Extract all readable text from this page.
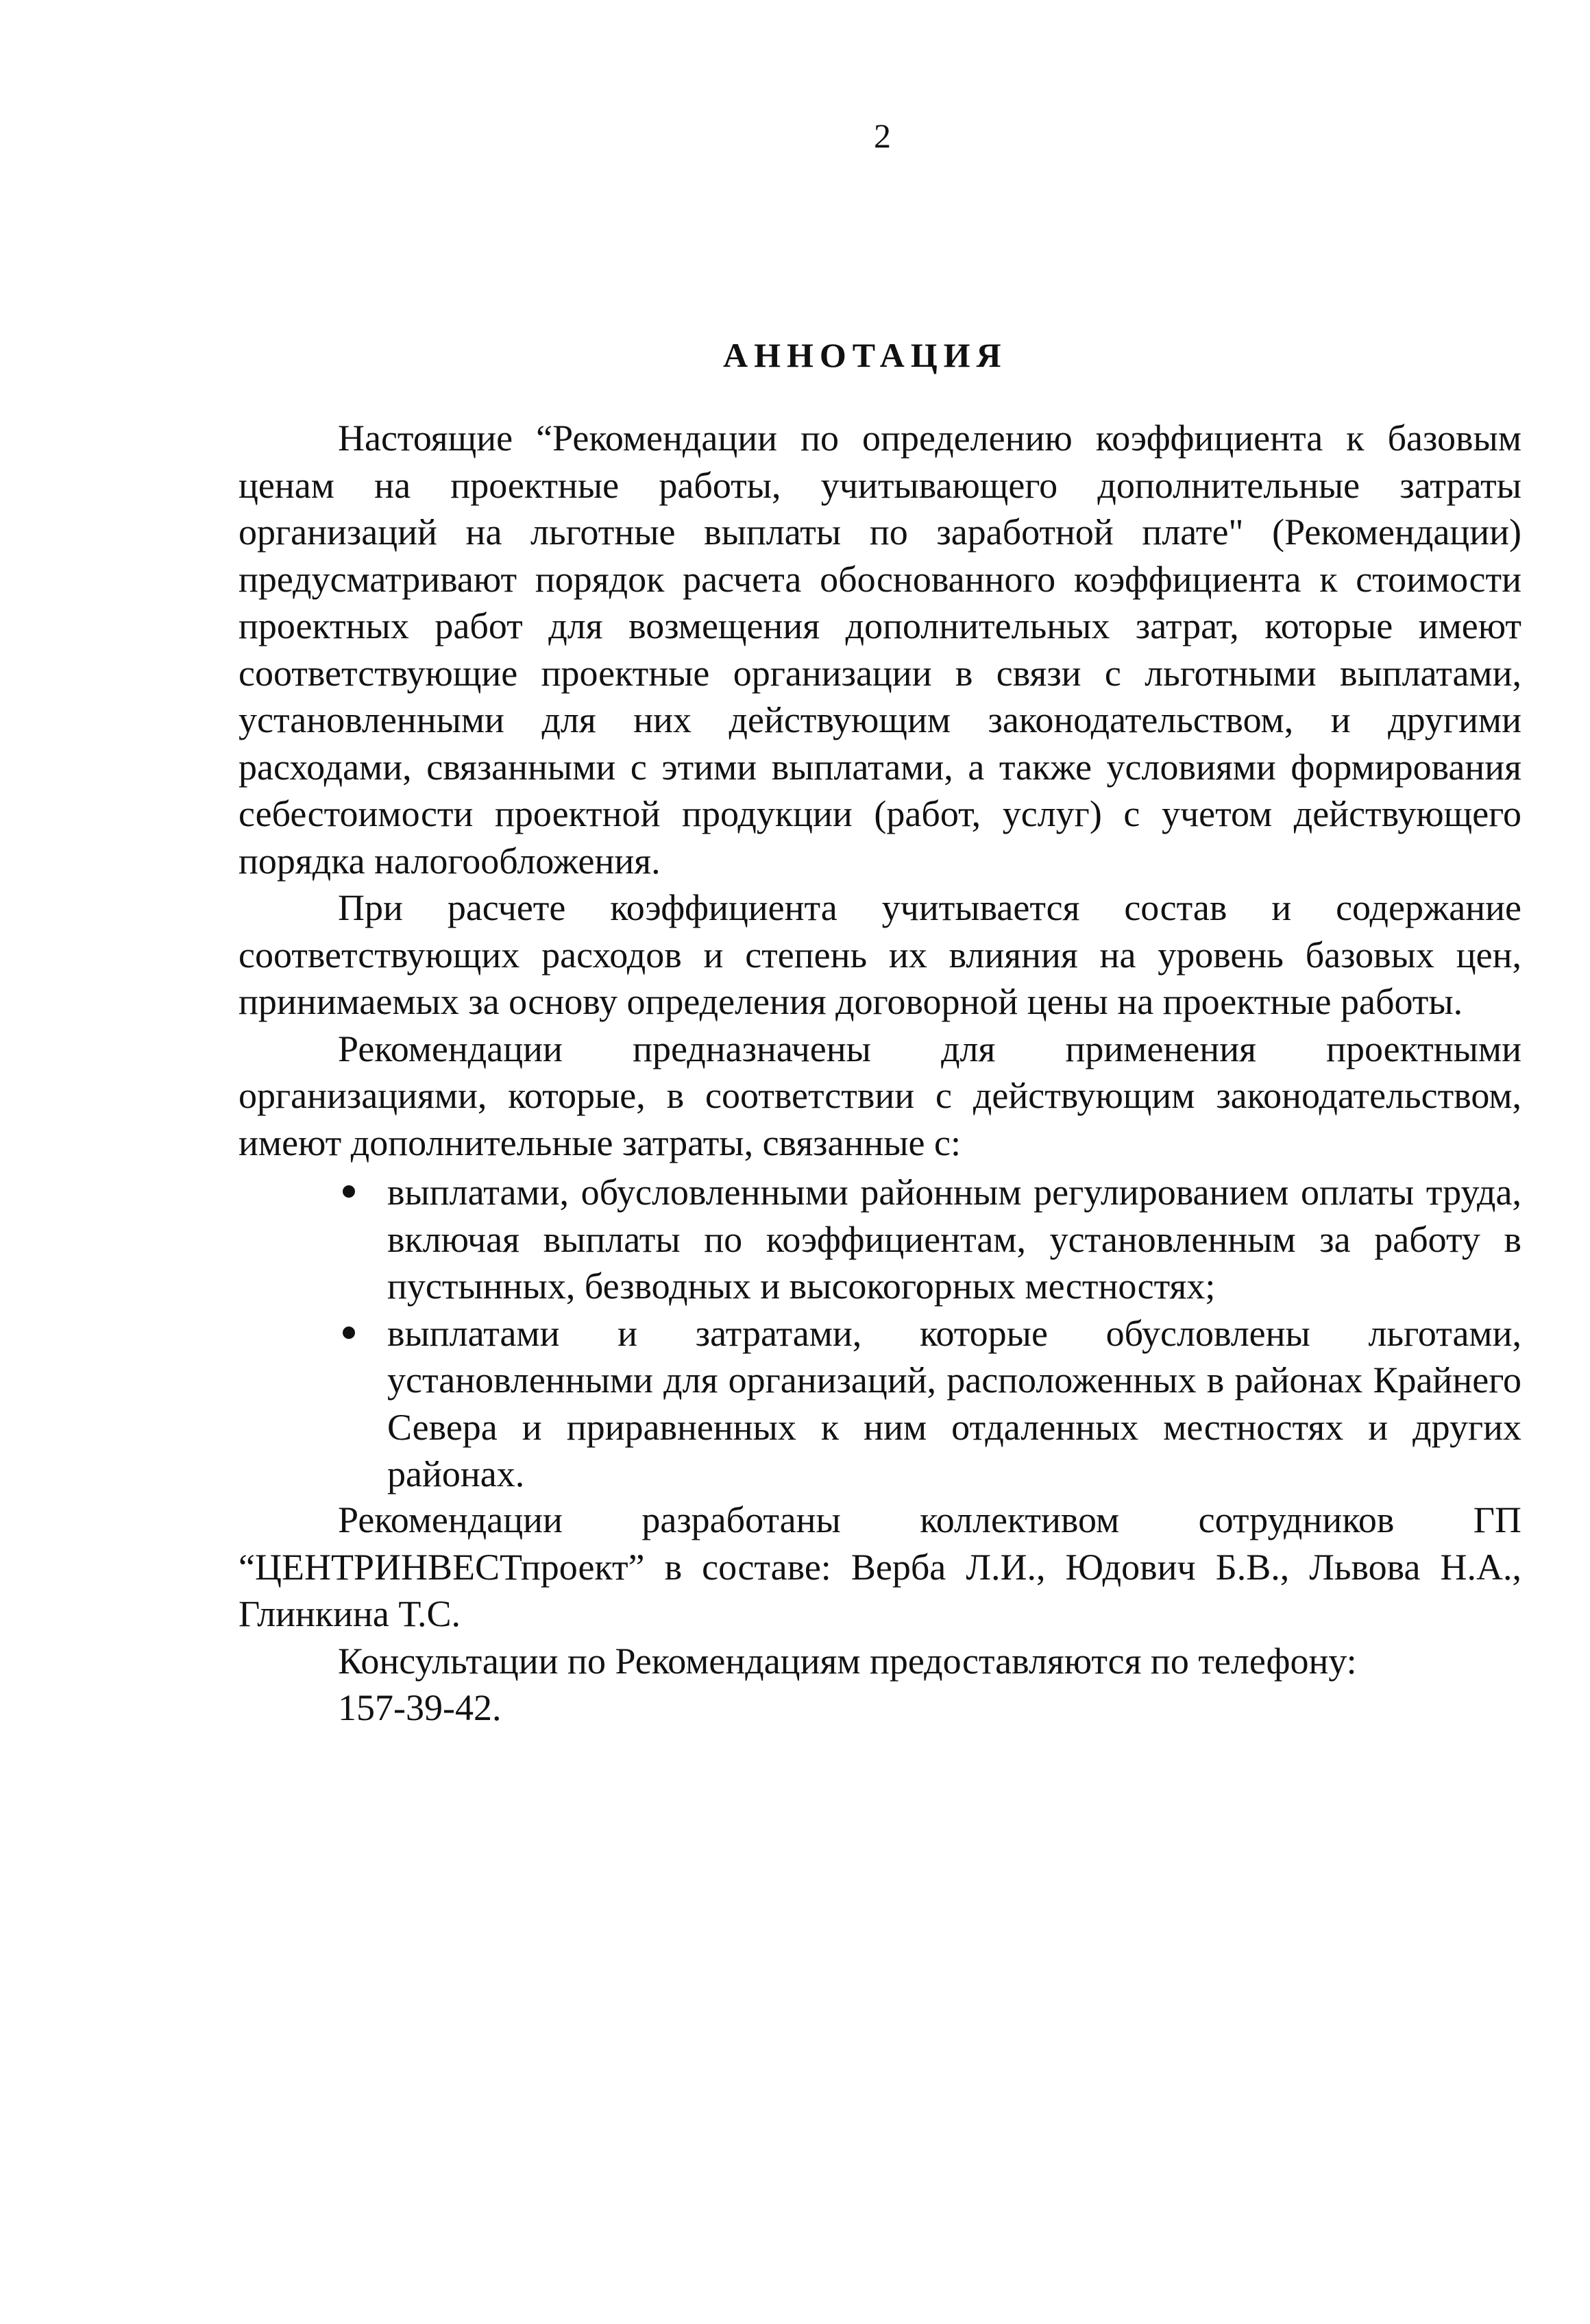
2
АННОТАЦИЯ

Настоящие “Рекомендации по определению коэффициента к базовым ценам на проектные работы, учитывающего дополнительные затраты организаций на льготные выплаты по заработной плате" (Рекомендации) предусматривают порядок расчета обоснованного коэффициента к стоимости проектных работ для возмещения дополнительных затрат, которые имеют соответствующие проектные организации в связи с льготными выплатами, установленными для них действующим законодательством, и другими расходами, связанными с этими выплатами, а также условиями формирования себестоимости проектной продукции (работ, услуг) с учетом действующего порядка налогообложения.

При расчете коэффициента учитывается состав и содержание соответствующих расходов и степень их влияния на уровень базовых цен, принимаемых за основу определения договорной цены на проектные работы.

Рекомендации предназначены для применения проектными организациями, которые, в соответствии с действующим законодательством, имеют дополнительные затраты, связанные с:

выплатами, обусловленными районным регулированием оплаты труда, включая выплаты по коэффициентам, установленным за работу в пустынных, безводных и высокогорных местностях;
выплатами и затратами, которые обусловлены льготами, установленными для организаций, расположенных в районах Крайнего Севера и приравненных к ним отдаленных местностях и других районах.

Рекомендации разработаны коллективом сотрудников ГП “ЦЕНТРИНВЕСТпроект” в составе: Верба Л.И., Юдович Б.В., Львова Н.А., Глинкина Т.С.

Консультации по Рекомендациям предоставляются по телефону:

157-39-42.
